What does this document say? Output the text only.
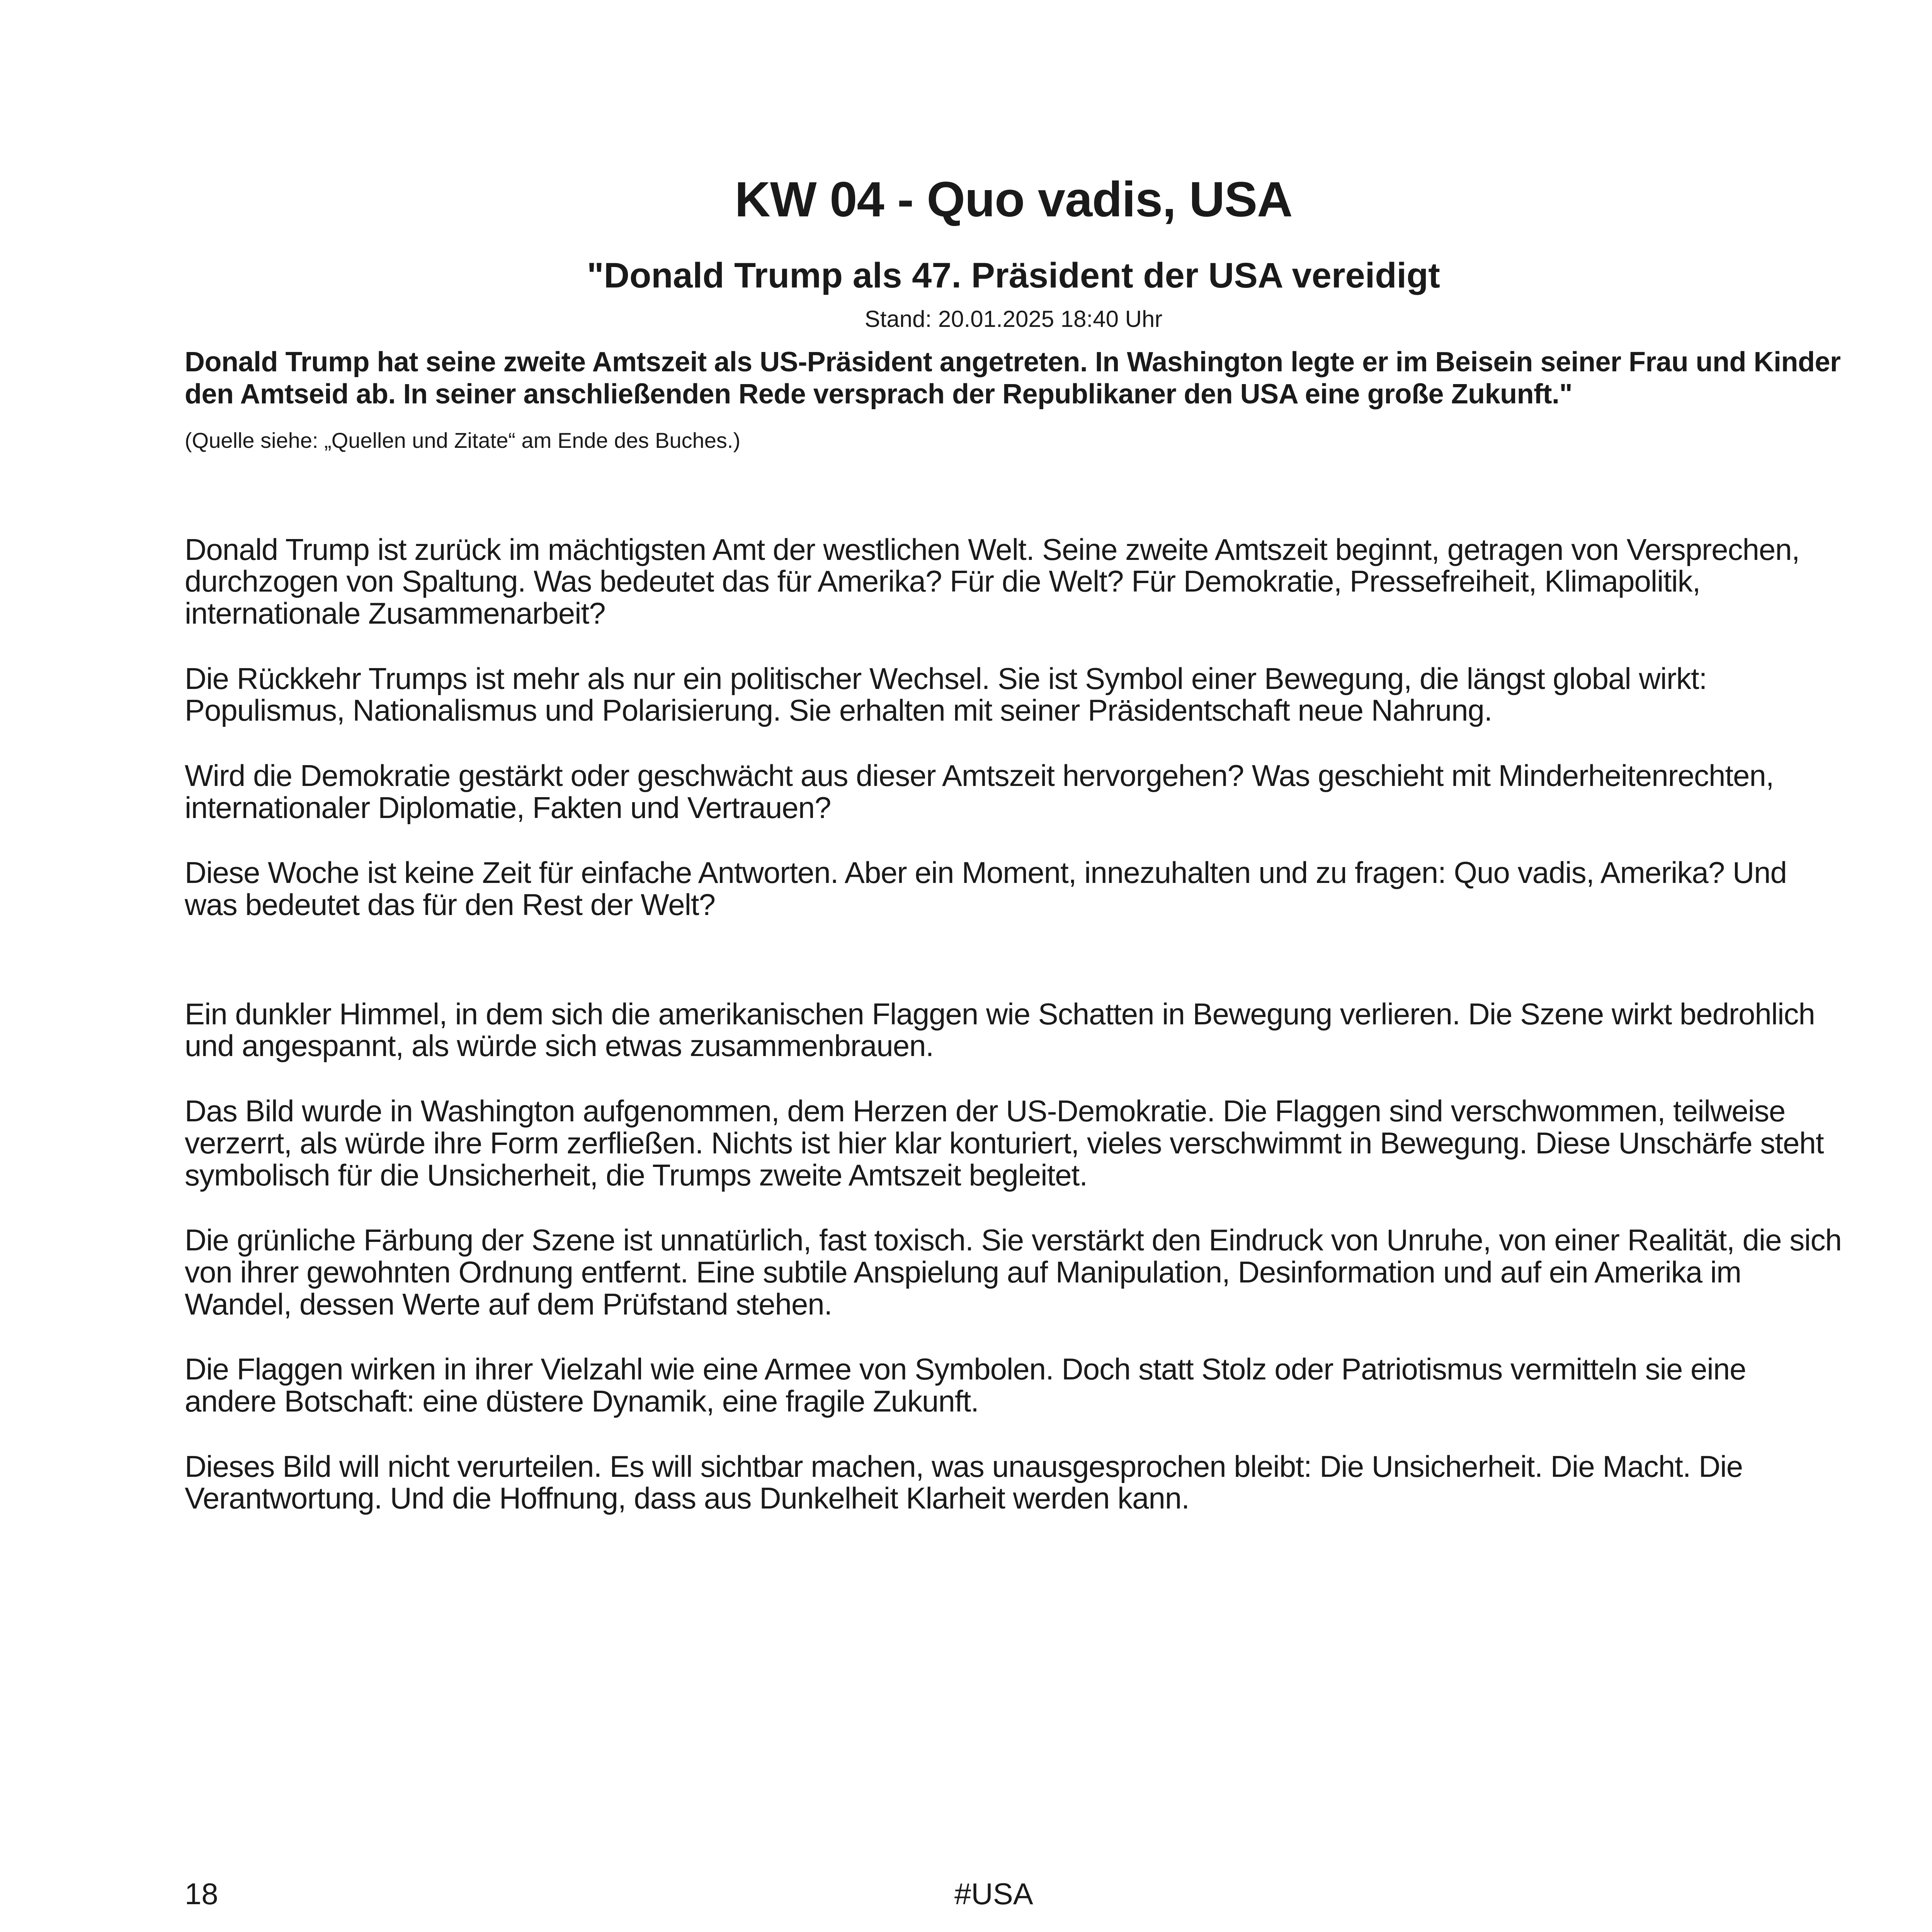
KW 04 - Quo vadis, USA
"Donald Trump als 47. Präsident der USA vereidigt

Stand: 20.01.2025 18:40 Uhr

Donald Trump hat seine zweite Amtszeit als US-Präsident angetreten. In Washington legte er im Beisein seiner Frau und Kinder den Amtseid ab. In seiner anschließenden Rede versprach der Republikaner den USA eine große Zukunft."

(Quelle siehe: „Quellen und Zitate“ am Ende des Buches.)

Donald Trump ist zurück im mächtigsten Amt der westlichen Welt. Seine zweite Amtszeit beginnt, getragen von Versprechen, durchzogen von Spaltung. Was bedeutet das für Amerika? Für die Welt? Für Demokratie, Pressefreiheit, Klimapolitik, internationale Zusammenarbeit?

Die Rückkehr Trumps ist mehr als nur ein politischer Wechsel. Sie ist Symbol einer Bewegung, die längst global wirkt: Populismus, Nationalismus und Polarisierung. Sie erhalten mit seiner Präsidentschaft neue Nahrung.

Wird die Demokratie gestärkt oder geschwächt aus dieser Amtszeit hervorgehen? Was geschieht mit Minderheitenrechten, internationaler Diplomatie, Fakten und Vertrauen?

Diese Woche ist keine Zeit für einfache Antworten. Aber ein Moment, innezuhalten und zu fragen: Quo vadis, Amerika? Und was bedeutet das für den Rest der Welt?

Ein dunkler Himmel, in dem sich die amerikanischen Flaggen wie Schatten in Bewegung verlieren. Die Szene wirkt bedrohlich und angespannt, als würde sich etwas zusammenbrauen.

Das Bild wurde in Washington aufgenommen, dem Herzen der US-Demokratie. Die Flaggen sind verschwommen, teilweise verzerrt, als würde ihre Form zerfließen. Nichts ist hier klar konturiert, vieles verschwimmt in Bewegung. Diese Unschärfe steht symbolisch für die Unsicherheit, die Trumps zweite Amtszeit begleitet.

Die grünliche Färbung der Szene ist unnatürlich, fast toxisch. Sie verstärkt den Eindruck von Unruhe, von einer Realität, die sich von ihrer gewohnten Ordnung entfernt. Eine subtile Anspielung auf Manipulation, Desinformation und auf ein Amerika im Wandel, dessen Werte auf dem Prüfstand stehen.

Die Flaggen wirken in ihrer Vielzahl wie eine Armee von Symbolen. Doch statt Stolz oder Patriotismus vermitteln sie eine andere Botschaft: eine düstere Dynamik, eine fragile Zukunft.

Dieses Bild will nicht verurteilen. Es will sichtbar machen, was unausgesprochen bleibt: Die Unsicherheit. Die Macht. Die Verantwortung. Und die Hoffnung, dass aus Dunkelheit Klarheit werden kann.

18	#USA
